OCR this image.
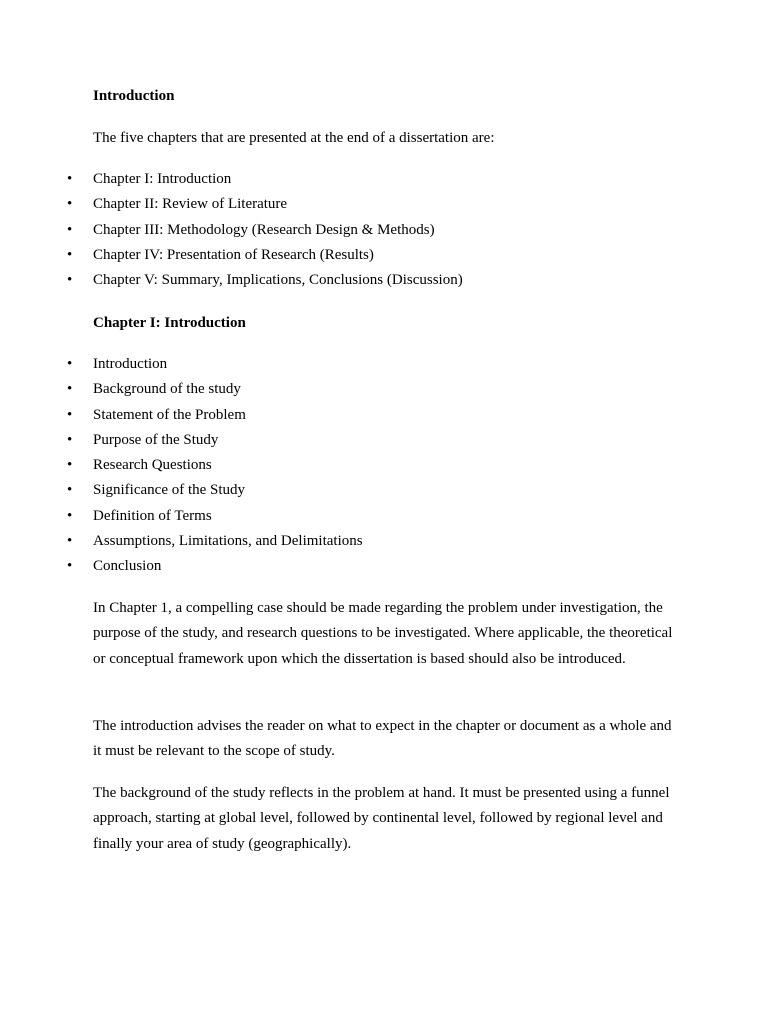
Introduction

The five chapters that are presented at the end of a dissertation are:

•	Chapter I: Introduction
•	Chapter II: Review of Literature
•	Chapter III: Methodology (Research Design & Methods)
•	Chapter IV: Presentation of Research (Results)
•	Chapter V: Summary, Implications, Conclusions (Discussion)

Chapter I: Introduction

•	Introduction
•	Background of the study
•	Statement of the Problem
•	Purpose of the Study
•	Research Questions
•	Significance of the Study
•	Definition of Terms
•	Assumptions, Limitations, and Delimitations
•	Conclusion

In Chapter 1, a compelling case should be made regarding the problem under investigation, the purpose of the study, and research questions to be investigated. Where applicable, the theoretical or conceptual framework upon which the dissertation is based should also be introduced.

The introduction advises the reader on what to expect in the chapter or document as a whole and it must be relevant to the scope of study.

The background of the study reflects in the problem at hand. It must be presented using a funnel approach, starting at global level, followed by continental level, followed by regional level and finally your area of study (geographically).
